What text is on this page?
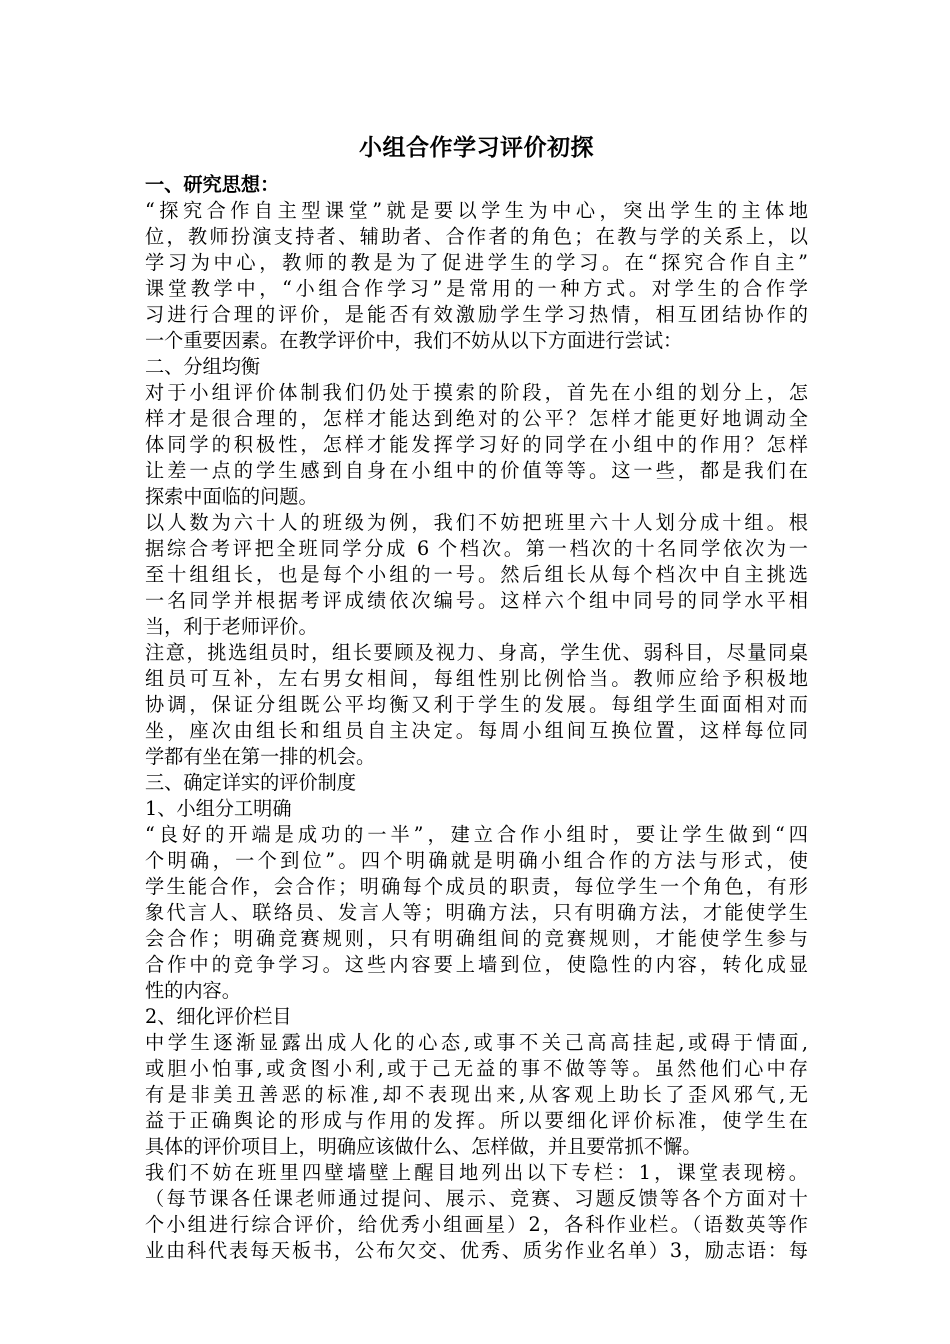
小组合作学习评价初探
一、研究思想：
“探究合作自主型课堂”就是要以学生为中心，突出学生的主体地
位，教师扮演支持者、辅助者、合作者的角色；在教与学的关系上，以
学习为中心，教师的教是为了促进学生的学习。在“探究合作自主”
课堂教学中，“小组合作学习”是常用的一种方式。对学生的合作学
习进行合理的评价，是能否有效激励学生学习热情，相互团结协作的
一个重要因素。在教学评价中，我们不妨从以下方面进行尝试：
二、分组均衡
对于小组评价体制我们仍处于摸索的阶段，首先在小组的划分上，怎
样才是很合理的，怎样才能达到绝对的公平？怎样才能更好地调动全
体同学的积极性，怎样才能发挥学习好的同学在小组中的作用？怎样
让差一点的学生感到自身在小组中的价值等等。这一些，都是我们在
探索中面临的问题。
以人数为六十人的班级为例，我们不妨把班里六十人划分成十组。根
据综合考评把全班同学分成 6 个档次。第一档次的十名同学依次为一
至十组组长，也是每个小组的一号。然后组长从每个档次中自主挑选
一名同学并根据考评成绩依次编号。这样六个组中同号的同学水平相
当，利于老师评价。
注意，挑选组员时，组长要顾及视力、身高，学生优、弱科目，尽量同桌
组员可互补，左右男女相间，每组性别比例恰当。教师应给予积极地
协调，保证分组既公平均衡又利于学生的发展。每组学生面面相对而
坐，座次由组长和组员自主决定。每周小组间互换位置，这样每位同
学都有坐在第一排的机会。
三、确定详实的评价制度
1、小组分工明确
“良好的开端是成功的一半”，建立合作小组时，要让学生做到“四
个明确，一个到位”。四个明确就是明确小组合作的方法与形式，使
学生能合作，会合作；明确每个成员的职责，每位学生一个角色，有形
象代言人、联络员、发言人等；明确方法，只有明确方法，才能使学生
会合作；明确竞赛规则，只有明确组间的竞赛规则，才能使学生参与
合作中的竞争学习。这些内容要上墙到位，使隐性的内容，转化成显
性的内容。
2、细化评价栏目
中学生逐渐显露出成人化的心态,或事不关己高高挂起,或碍于情面,
或胆小怕事,或贪图小利,或于己无益的事不做等等。虽然他们心中存
有是非美丑善恶的标准,却不表现出来,从客观上助长了歪风邪气,无
益于正确舆论的形成与作用的发挥。所以要细化评价标准，使学生在
具体的评价项目上，明确应该做什么、怎样做，并且要常抓不懈。
我们不妨在班里四壁墙壁上醒目地列出以下专栏：1，课堂表现榜。
（每节课各任课老师通过提问、展示、竞赛、习题反馈等各个方面对十
个小组进行综合评价，给优秀小组画星）2，各科作业栏。（语数英等作
业由科代表每天板书，公布欠交、优秀、质劣作业名单）3，励志语：每
